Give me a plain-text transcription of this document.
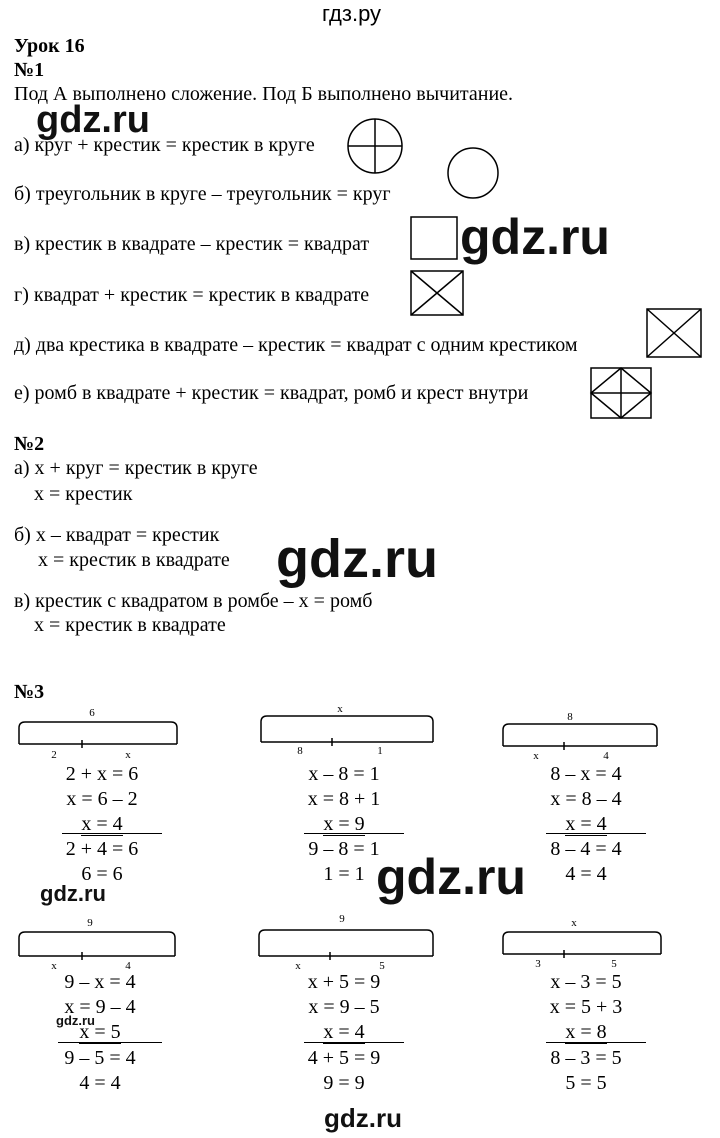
гдз.ру
Урок 16
№1
Под А выполнено сложение. Под Б выполнено вычитание.
а) круг + крестик = крестик в круге
б) треугольник в круге – треугольник = круг
в) крестик в квадрате – крестик = квадрат
г) квадрат + крестик = крестик в квадрате
д) два крестика в квадрате – крестик = квадрат с одним крестиком
е) ромб в квадрате + крестик = квадрат, ромб и крест внутри
№2
а) х + круг = крестик в круге
х = крестик
б) х – квадрат = крестик
х = крестик в квадрате
в) крестик с квадратом в ромбе – х = ромб
х = крестик в квадрате
№3
6
2	х
2 + х = 6
х = 6 – 2
х = 4
2 + 4 = 6
6 = 6
х
8	1
х – 8 = 1
х = 8 + 1
х = 9
9 – 8 = 1
1 = 1
8
х	4
8 – х = 4
х = 8 – 4
х = 4
8 – 4 = 4
4 = 4
9
х	4
9 – х = 4
х = 9 – 4
х = 5
9 – 5 = 4
4 = 4
9
х	5
х + 5 = 9
х = 9 – 5
х = 4
4 + 5 = 9
9 = 9
х
3	5
х – 3 = 5
х = 5 + 3
х = 8
8 – 3 = 5
5 = 5
gdz.ru
gdz.ru
gdz.ru
gdz.ru
gdz.ru
gdz.ru
gdz.ru
